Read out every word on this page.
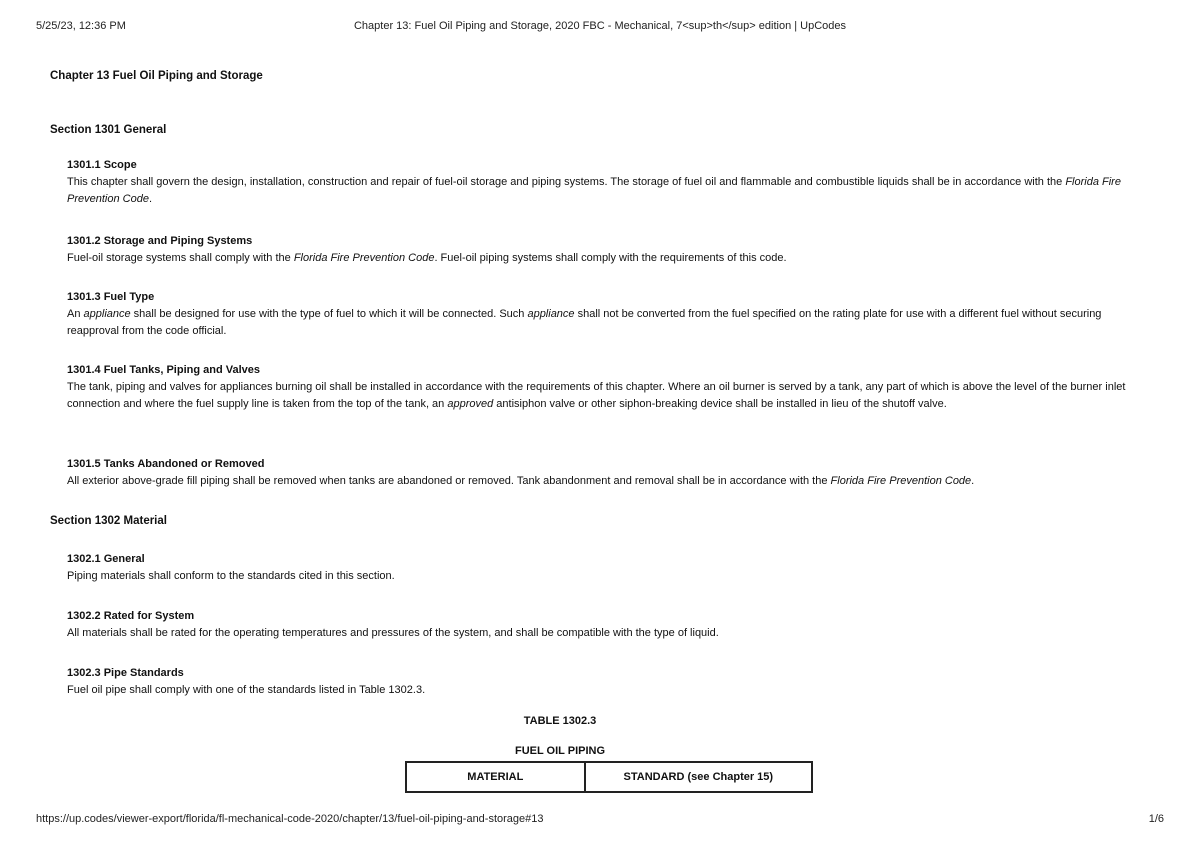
5/25/23, 12:36 PM	Chapter 13: Fuel Oil Piping and Storage, 2020 FBC - Mechanical, 7<sup>th</sup> edition | UpCodes
Chapter 13 Fuel Oil Piping and Storage
Section 1301 General
1301.1 Scope

This chapter shall govern the design, installation, construction and repair of fuel-oil storage and piping systems. The storage of fuel oil and flammable and combustible liquids shall be in accordance with the Florida Fire Prevention Code.

1301.2 Storage and Piping Systems

Fuel-oil storage systems shall comply with the Florida Fire Prevention Code. Fuel-oil piping systems shall comply with the requirements of this code.

1301.3 Fuel Type

An appliance shall be designed for use with the type of fuel to which it will be connected. Such appliance shall not be converted from the fuel specified on the rating plate for use with a different fuel without securing reapproval from the code official.

1301.4 Fuel Tanks, Piping and Valves

The tank, piping and valves for appliances burning oil shall be installed in accordance with the requirements of this chapter. Where an oil burner is served by a tank, any part of which is above the level of the burner inlet connection and where the fuel supply line is taken from the top of the tank, an approved antisiphon valve or other siphon-breaking device shall be installed in lieu of the shutoff valve.

1301.5 Tanks Abandoned or Removed

All exterior above-grade fill piping shall be removed when tanks are abandoned or removed. Tank abandonment and removal shall be in accordance with the Florida Fire Prevention Code.

Section 1302 Material
1302.1 General

Piping materials shall conform to the standards cited in this section.

1302.2 Rated for System

All materials shall be rated for the operating temperatures and pressures of the system, and shall be compatible with the type of liquid.

1302.3 Pipe Standards

Fuel oil pipe shall comply with one of the standards listed in Table 1302.3.

TABLE 1302.3
FUEL OIL PIPING
MATERIAL	STANDARD (see Chapter 15)
https://up.codes/viewer-export/florida/fl-mechanical-code-2020/chapter/13/fuel-oil-piping-and-storage#13	1/6
